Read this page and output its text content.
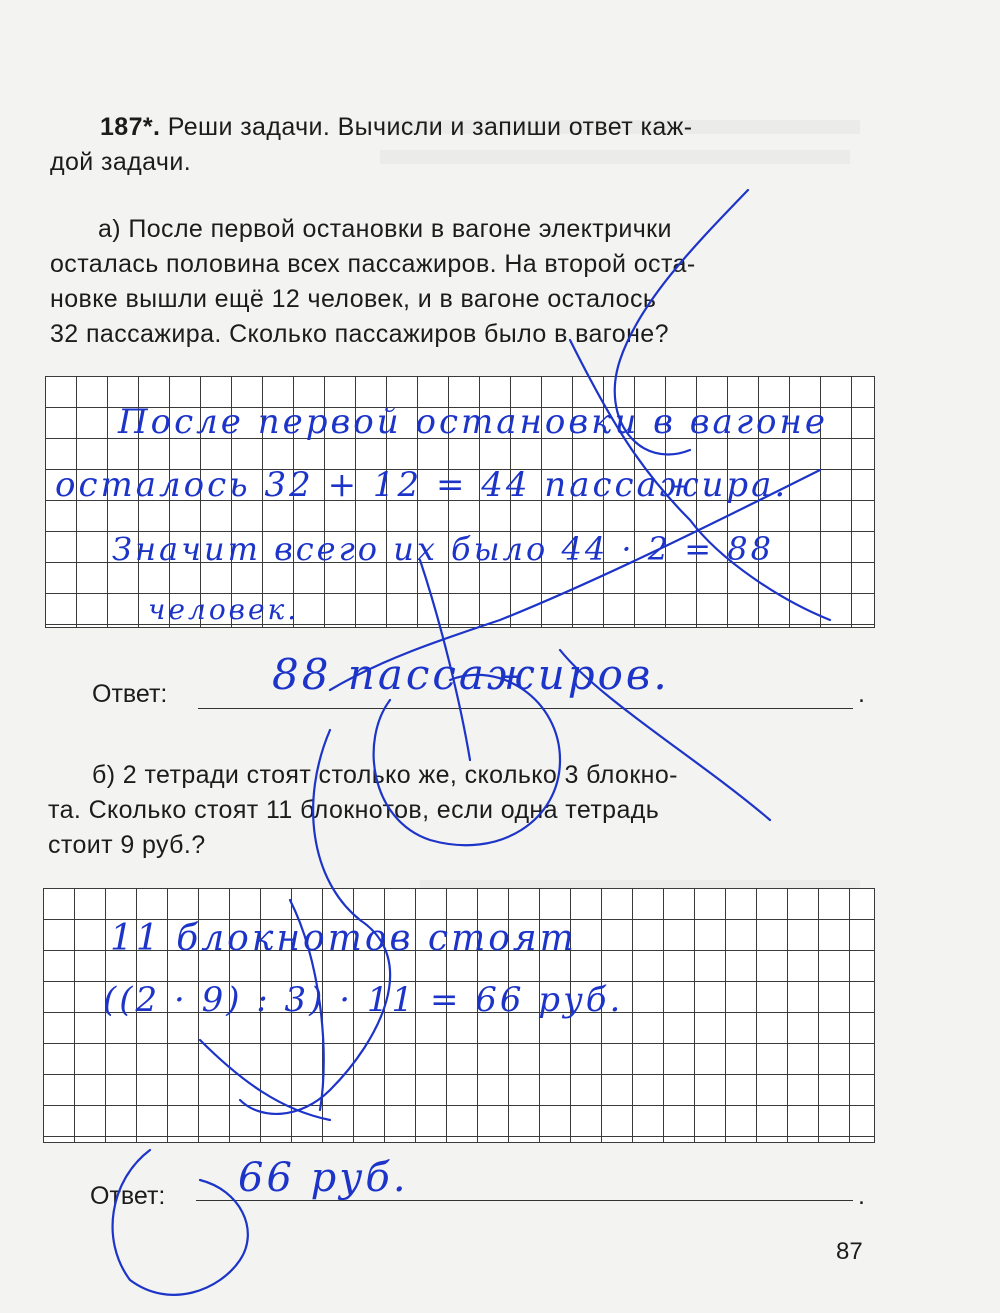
187*. Реши задачи. Вычисли и запиши ответ каж-
дой задачи.
а) После первой остановки в вагоне электрички
осталась половина всех пассажиров. На второй оста-
новке вышли ещё 12 человек, и в вагоне осталось
32 пассажира. Сколько пассажиров было в вагоне?
После первой остановки в вагоне
осталось 32 + 12 = 44 пассажира.
Значит всего их было 44 · 2 = 88
человек.
Ответ:	.
88 пассажиров.
б) 2 тетради стоят столько же, сколько 3 блокно-
та. Сколько стоят 11 блокнотов, если одна тетрадь
стоит 9 руб.?
11 блокнотов стоят
((2 · 9) : 3) · 11 = 66 руб.
Ответ:	.
66 руб.
87
